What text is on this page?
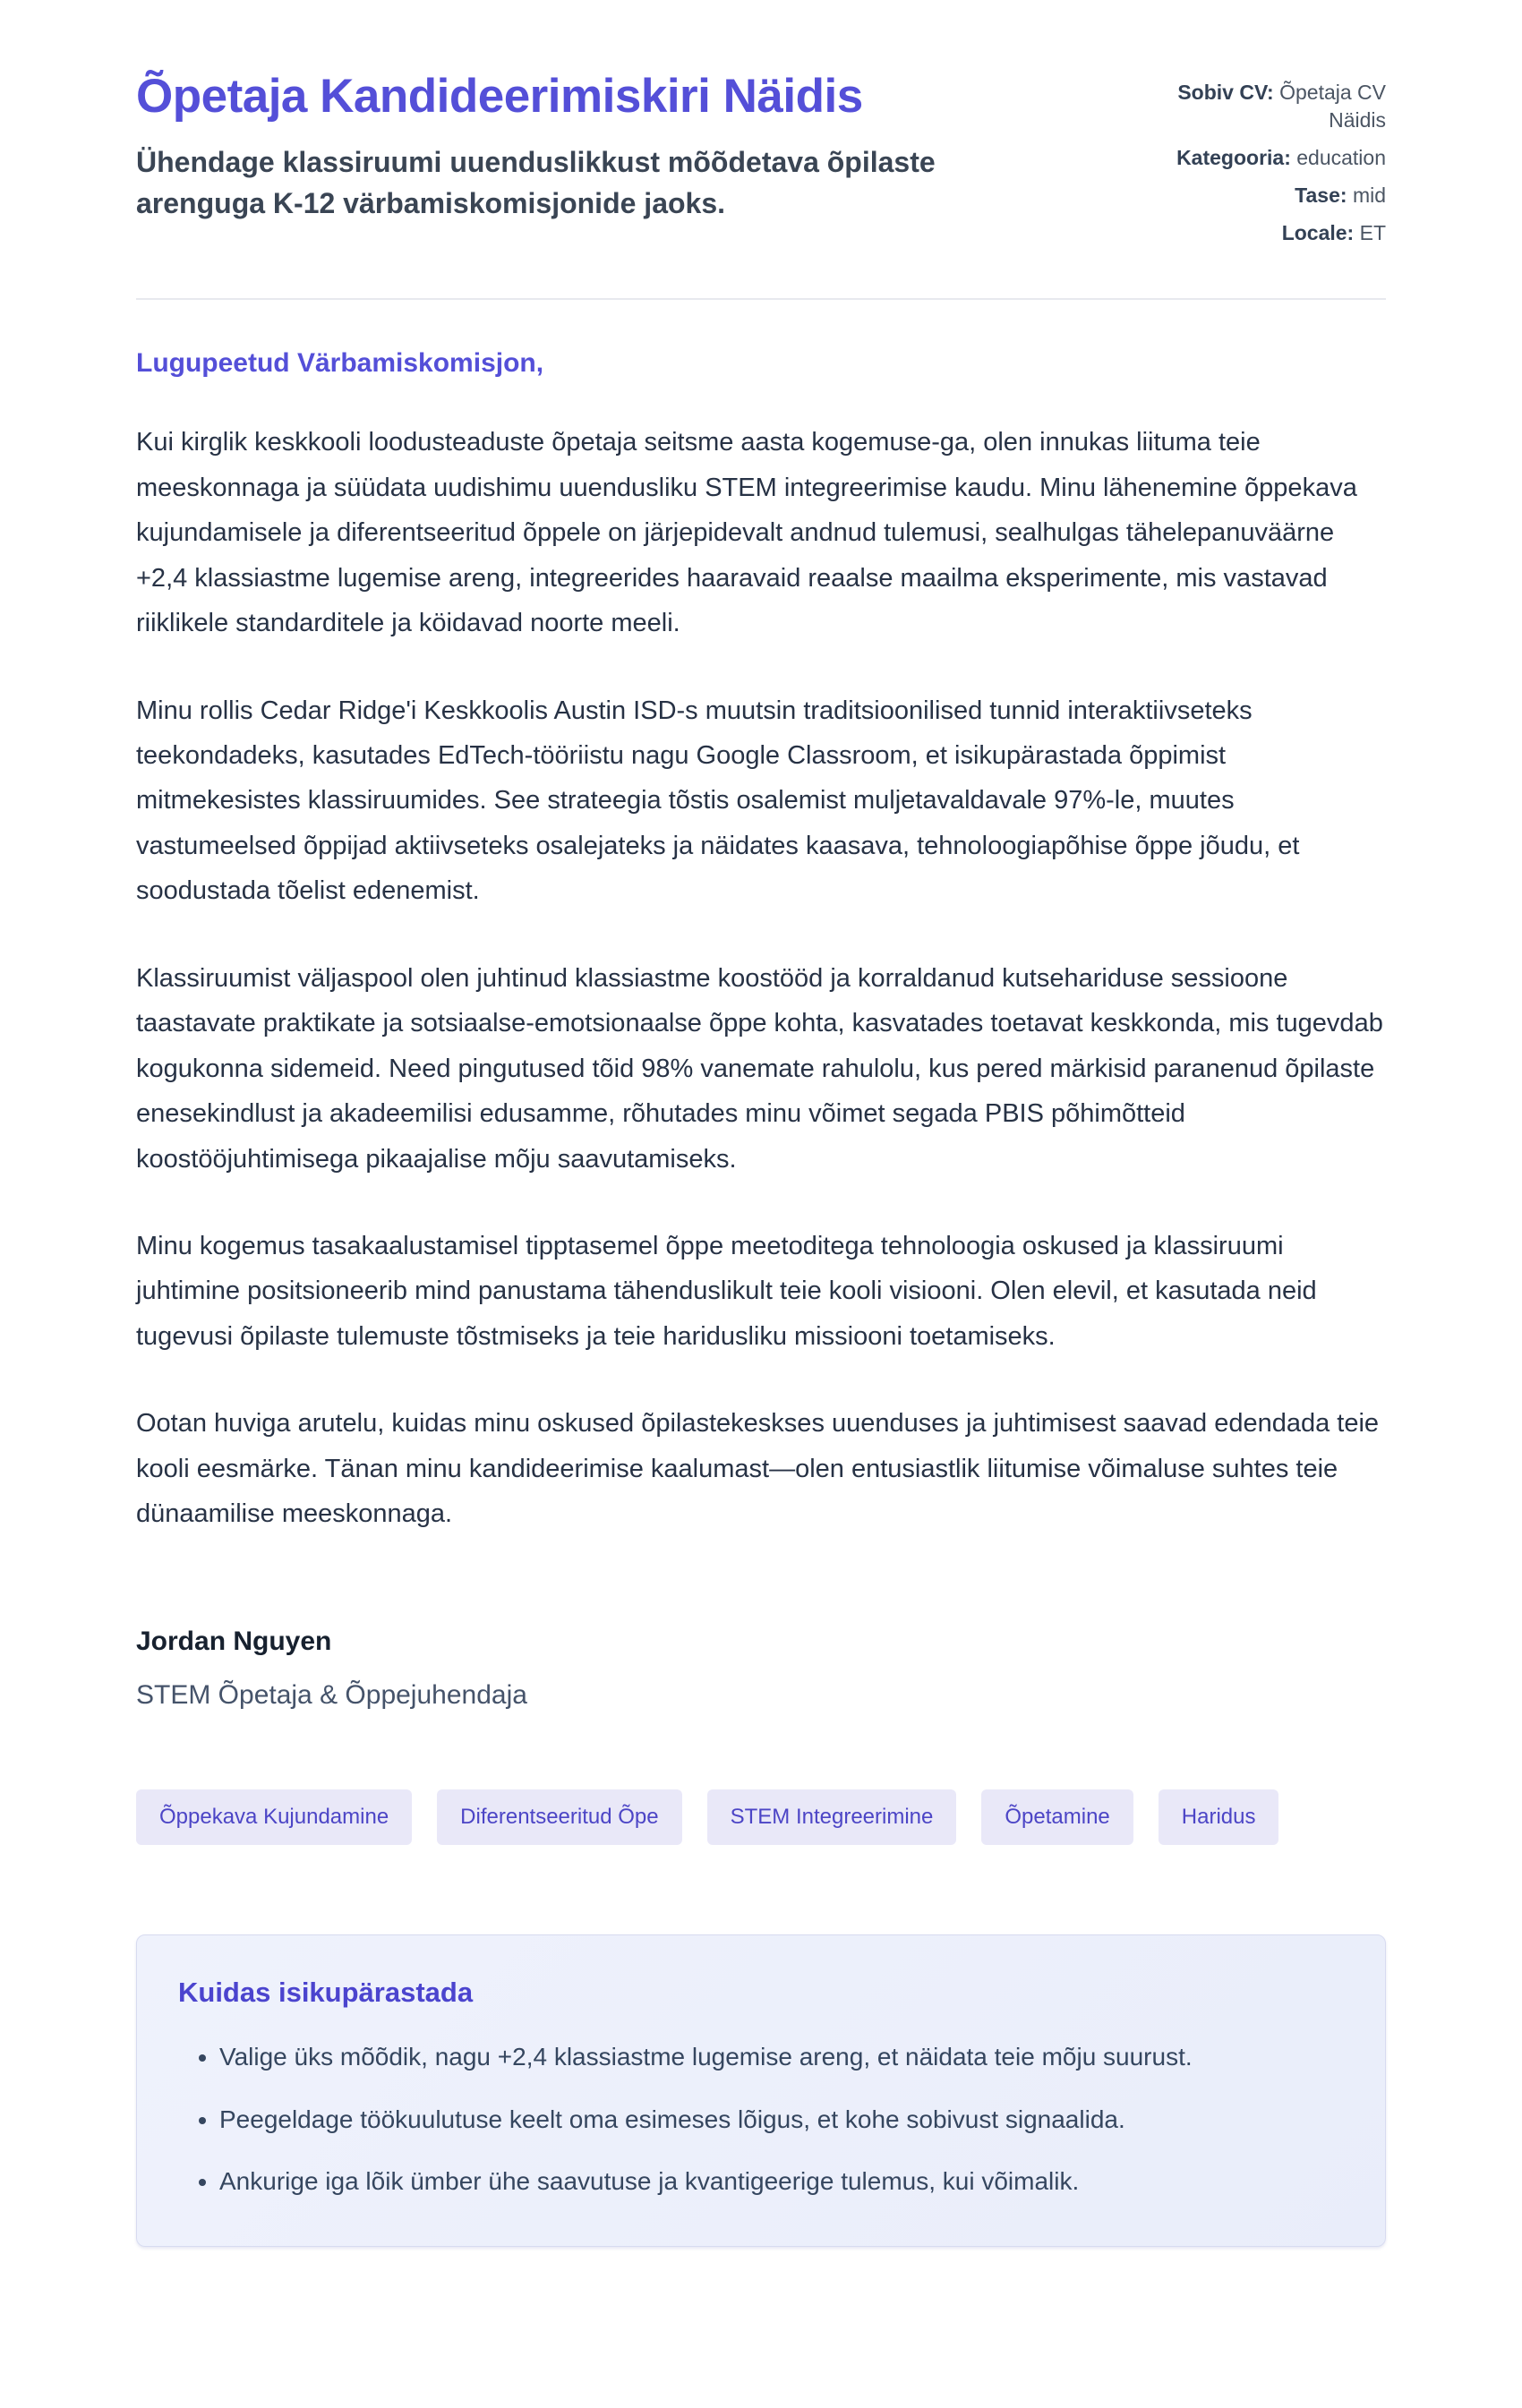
Õpetaja Kandideerimiskiri Näidis

Ühendage klassiruumi uuenduslikkust mõõdetava õpilaste arenguga K-12 värbamiskomisjonide jaoks.

Sobiv CV: Õpetaja CV Näidis
Kategooria: education
Tase: mid
Locale: ET

Lugupeetud Värbamiskomisjon,

Kui kirglik keskkooli loodusteaduste õpetaja seitsme aasta kogemuse-ga, olen innukas liituma teie meeskonnaga ja süüdata uudishimu uuendusliku STEM integreerimise kaudu. Minu lähenemine õppekava kujundamisele ja diferentseeritud õppele on järjepidevalt andnud tulemusi, sealhulgas tähelepanuväärne +2,4 klassiastme lugemise areng, integreerides haaravaid reaalse maailma eksperimente, mis vastavad riiklikele standarditele ja köidavad noorte meeli.

Minu rollis Cedar Ridge'i Keskkoolis Austin ISD-s muutsin traditsioonilised tunnid interaktiivseteks teekondadeks, kasutades EdTech-tööriistu nagu Google Classroom, et isikupärastada õppimist mitmekesistes klassiruumides. See strateegia tõstis osalemist muljetavaldavale 97%-le, muutes vastumeelsed õppijad aktiivseteks osalejateks ja näidates kaasava, tehnoloogiapõhise õppe jõudu, et soodustada tõelist edenemist.

Klassiruumist väljaspool olen juhtinud klassiastme koostööd ja korraldanud kutsehariduse sessioone taastavate praktikate ja sotsiaalse-emotsionaalse õppe kohta, kasvatades toetavat keskkonda, mis tugevdab kogukonna sidemeid. Need pingutused tõid 98% vanemate rahulolu, kus pered märkisid paranenud õpilaste enesekindlust ja akadeemilisi edusamme, rõhutades minu võimet segada PBIS põhimõtteid koostööjuhtimisega pikaajalise mõju saavutamiseks.

Minu kogemus tasakaalustamisel tipptasemel õppe meetoditega tehnoloogia oskused ja klassiruumi juhtimine positsioneerib mind panustama tähenduslikult teie kooli visiooni. Olen elevil, et kasutada neid tugevusi õpilaste tulemuste tõstmiseks ja teie haridusliku missiooni toetamiseks.

Ootan huviga arutelu, kuidas minu oskused õpilastekeskses uuenduses ja juhtimisest saavad edendada teie kooli eesmärke. Tänan minu kandideerimise kaalumast—olen entusiastlik liitumise võimaluse suhtes teie dünaamilise meeskonnaga.

Jordan Nguyen

STEM Õpetaja & Õppejuhendaja

Õppekava Kujundamine	Diferentseeritud Õpe	STEM Integreerimine	Õpetamine	Haridus
Kuidas isikupärastada
• Valige üks mõõdik, nagu +2,4 klassiastme lugemise areng, et näidata teie mõju suurust.
• Peegeldage töökuulutuse keelt oma esimeses lõigus, et kohe sobivust signaalida.
• Ankurige iga lõik ümber ühe saavutuse ja kvantigeerige tulemus, kui võimalik.
